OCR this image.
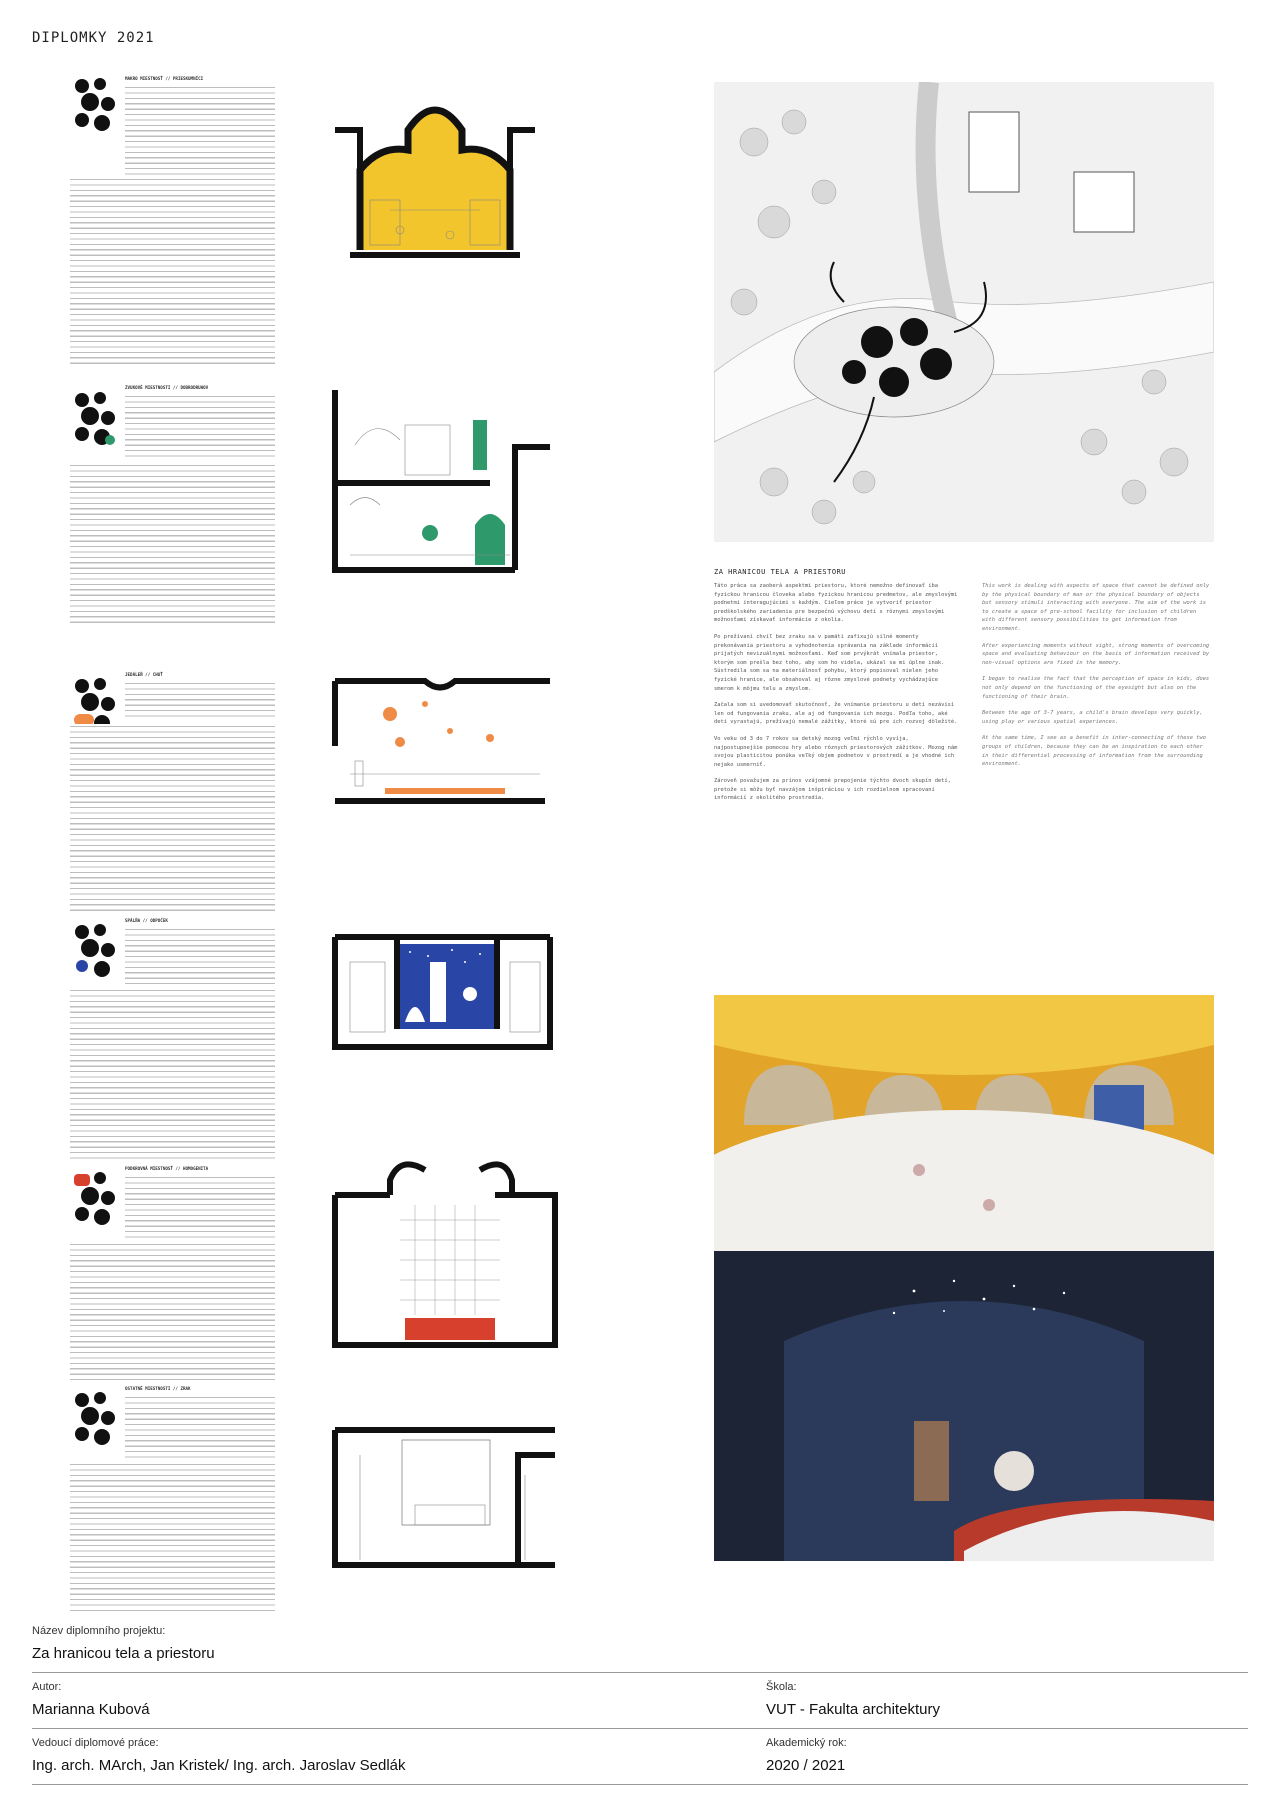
DIPLOMKY 2021
MAKRO MIESTNOSŤ // PRIESKUMNÍCI
ZVUKOVÉ MIESTNOSTI // DOBRODRUHOV
JEDÁLEŇ // CHUŤ
SPÁLŇA // ODPOČEK
PODKROVNÁ MIESTNOSŤ // HOMOGENITA
OSTATNÉ MIESTNOSTI // ZRAK
ZA HRANICOU TELA A PRIESTORU

Táto práca sa zaoberá aspektmi priestoru, ktoré nemožno definovať iba fyzickou hranicou človeka alebo fyzickou hranicou predmetov, ale zmyslovými podnetmi interagujúcimi s každým. Cieľom práce je vytvoriť priestor predškolského zariadenia pre bezpečnú výchovu detí s rôznymi zmyslovými možnosťami získavať informácie z okolia.

Po prežívaní chvíľ bez zraku sa v pamäti zafixujú silné momenty prekonávania priestoru a vyhodnotenia správania na základe informácií prijatých nevizuálnymi možnosťami. Keď som prvýkrát vnímala priestor, ktorým som prešla bez toho, aby som ho videla, ukázal sa mi úplne inak. Sústredila som sa na materiálnosť pohybu, ktorý popisoval nielen jeho fyzické hranice, ale obsahoval aj rôzne zmyslové podnety vychádzajúce smerom k môjmu telu a zmyslom.

Začala som si uvedomovať skutočnosť, že vnímanie priestoru u detí nezávisí len od fungovania zraku, ale aj od fungovania ich mozgu. Podľa toho, aké deti vyrastajú, prežívajú nemalé zážitky, ktoré sú pre ich rozvoj dôležité.

Vo veku od 3 do 7 rokov sa detský mozog veľmi rýchlo vyvíja, najpostupnejšie pomocou hry alebo rôznych priestorových zážitkov. Mozog nám svojou plasticitou ponúka veľký objem podnetov v prostredí a je vhodné ich nejako usmerniť.

Zároveň považujem za prínos vzájomné prepojenie týchto dvoch skupín detí, pretože si môžu byť navzájom inšpiráciou v ich rozdielnom spracovaní informácií z okolitého prostredia.

This work is dealing with aspects of space that cannot be defined only by the physical boundary of man or the physical boundary of objects but sensory stimuli interacting with everyone. The aim of the work is to create a space of pre-school facility for inclusion of children with different sensory possibilities to get information from environment.

After experiencing moments without sight, strong moments of overcoming space and evaluating behaviour on the basis of information received by non-visual options are fixed in the memory.

I began to realise the fact that the perception of space in kids, does not only depend on the functioning of the eyesight but also on the functioning of their brain.

Between the age of 3-7 years, a child's brain develops very quickly, using play or various spatial experiences.

At the same time, I see as a benefit in inter-connecting of these two groups of children, because they can be an inspiration to each other in their differential processing of information from the surrounding environment.

Název diplomního projektu:
Za hranicou tela a priestoru
Autor:
Marianna Kubová
Škola:
VUT - Fakulta architektury
Vedoucí diplomové práce:
Ing. arch. MArch, Jan Kristek/ Ing. arch. Jaroslav Sedlák
Akademický rok:
2020 / 2021
